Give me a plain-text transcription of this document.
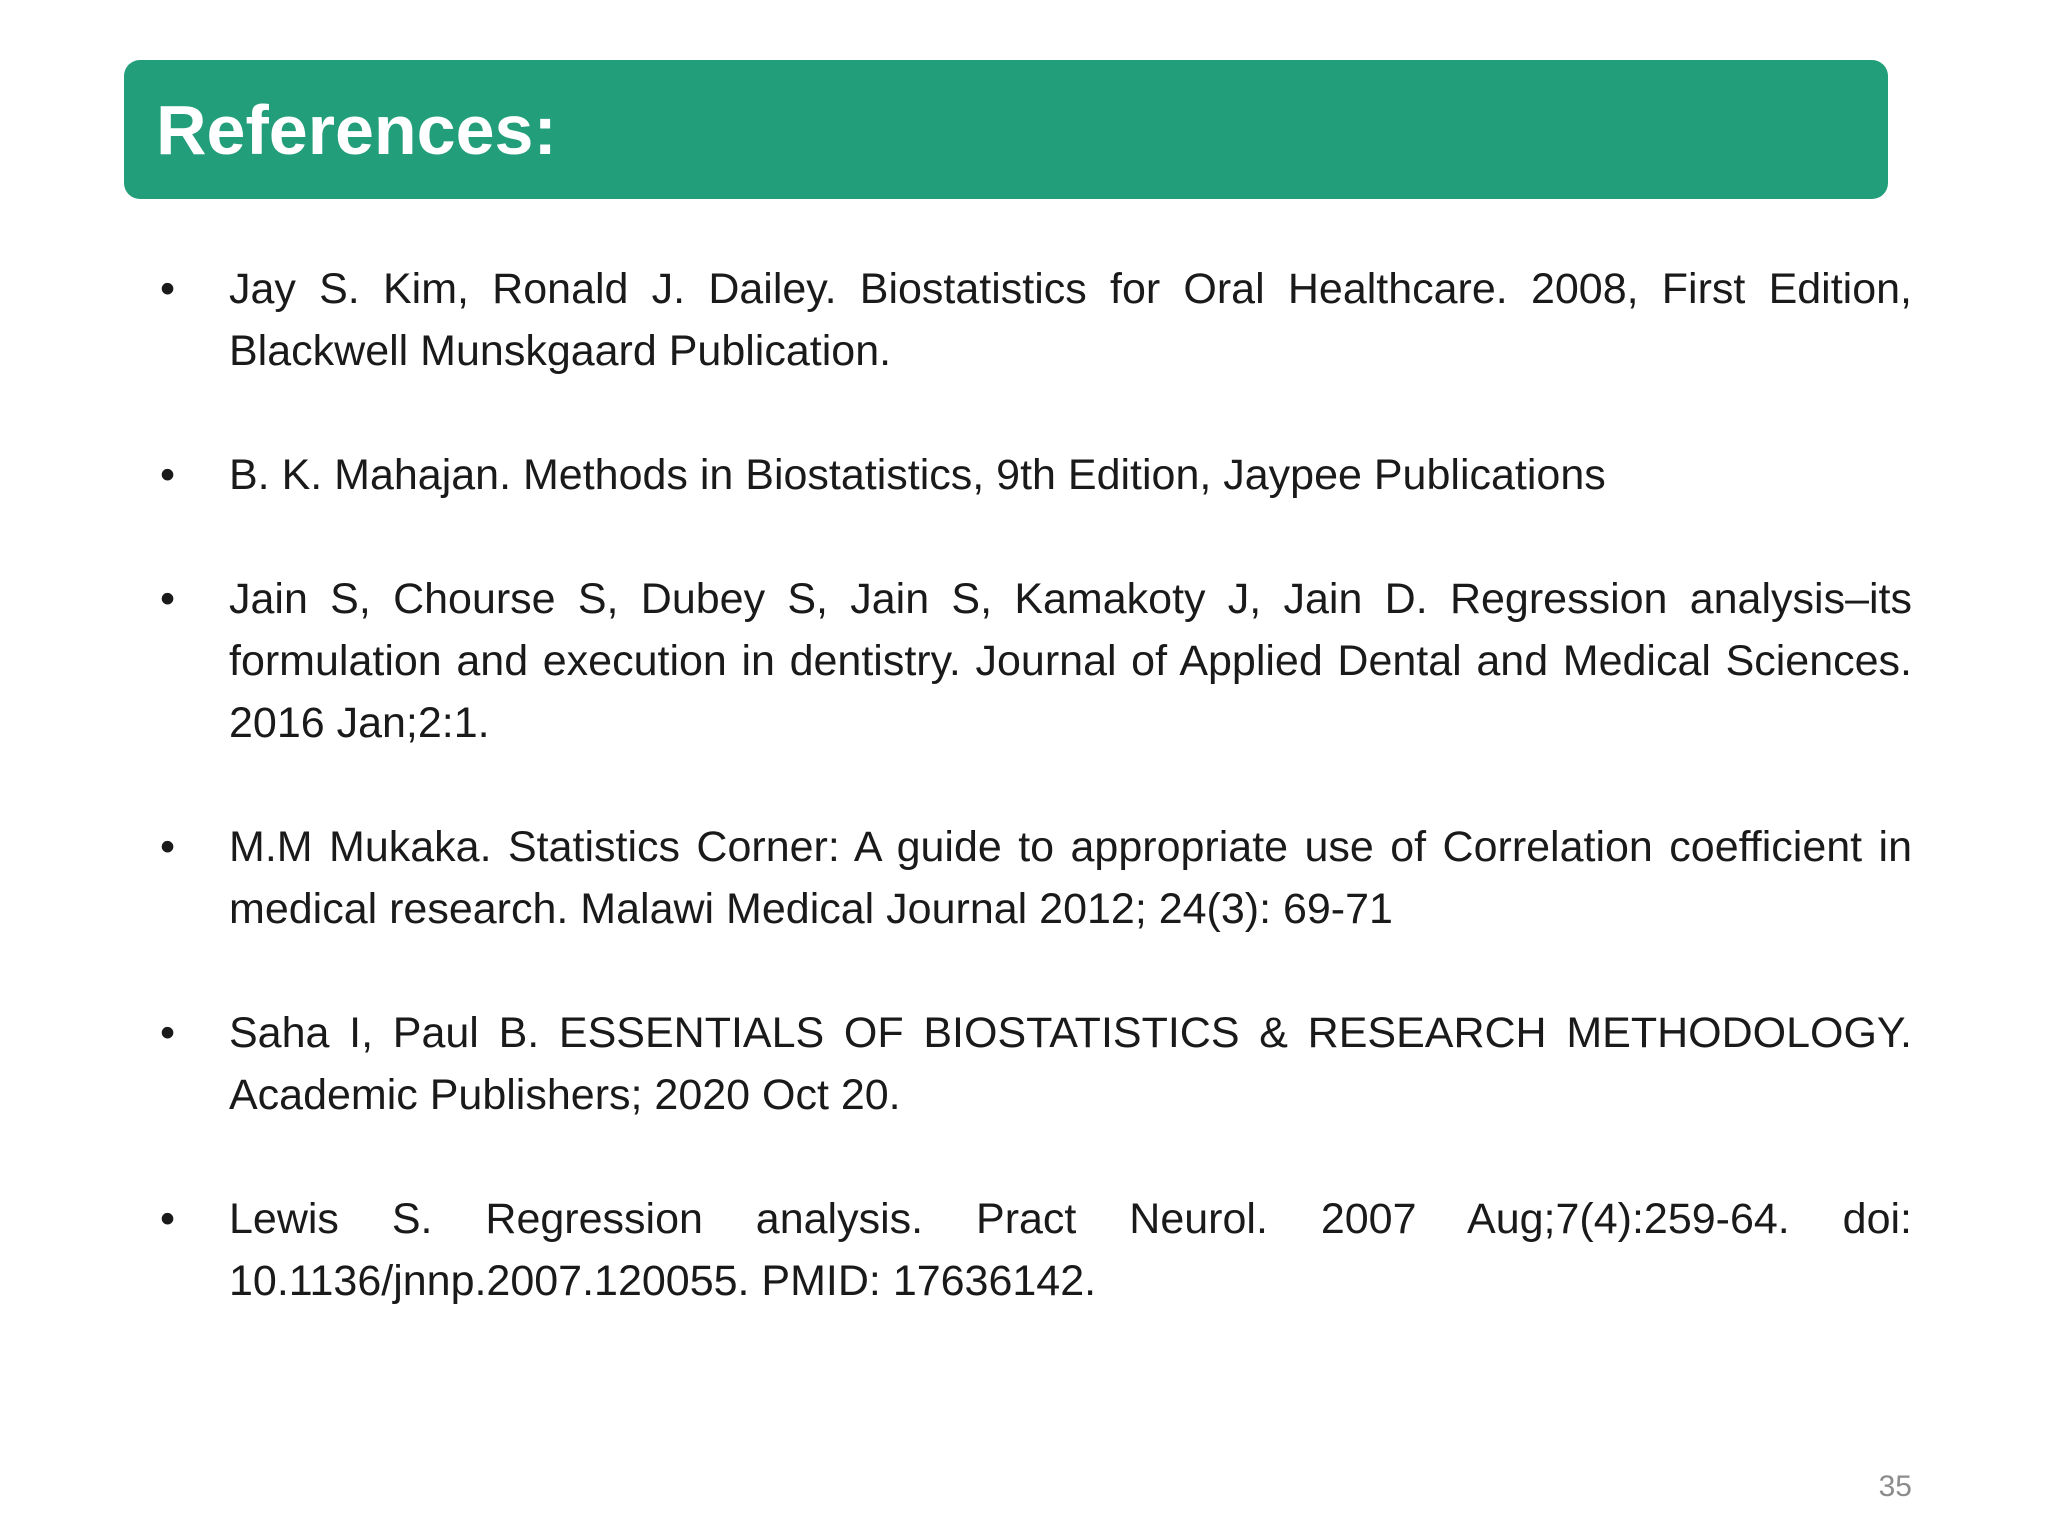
References:
•	Jay S. Kim, Ronald J. Dailey. Biostatistics for Oral Healthcare. 2008, First Edition, Blackwell Munskgaard Publication.
•	B. K. Mahajan. Methods in Biostatistics, 9th Edition, Jaypee Publications
•	Jain S, Chourse S, Dubey S, Jain S, Kamakoty J, Jain D. Regression analysis–its formulation and execution in dentistry. Journal of Applied Dental and Medical Sciences. 2016 Jan;2:1.
•	M.M Mukaka. Statistics Corner: A guide to appropriate use of Correlation coefficient in medical research. Malawi Medical Journal 2012; 24(3): 69-71
•	Saha I, Paul B. ESSENTIALS OF BIOSTATISTICS & RESEARCH METHODOLOGY. Academic Publishers; 2020 Oct 20.
•	Lewis S. Regression analysis. Pract Neurol. 2007 Aug;7(4):259-64. doi: 10.1136/jnnp.2007.120055. PMID: 17636142.
35
